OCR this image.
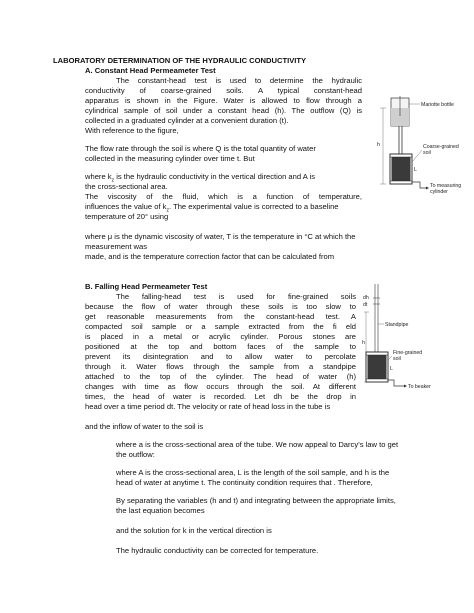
LABORATORY DETERMINATION OF THE HYDRAULIC CONDUCTIVITY
A. Constant Head Permeameter Test
The constant-head test is used to determine the hydraulic
conductivity of coarse-grained soils. A typical constant-head
apparatus is shown in the Figure. Water is allowed to flow through a
cylindrical sample of soil under a constant head (h). The outflow (Q) is
collected in a graduated cylinder at a convenient duration (t).
With reference to the figure,
The flow rate through the soil is where Q is the total quantity of water
collected in the measuring cylinder over time t. But
where $k_z$ is the hydraulic conductivity in the vertical direction and A is
the cross-sectional area.
The viscosity of the fluid, which is a function of temperature,
influences the value of $k_z$. The experimental value is corrected to a baseline
temperature of 20° using
where μ is the dynamic viscosity of water, T is the temperature in °C at which the
measurement was
made, and is the temperature correction factor that can be calculated from
h
L
Mariotte bottle
Coarse-grained
soil
To measuring
cylinder
B. Falling Head Permeameter Test
The falling-head test is used for fine-grained soils
because the flow of water through these soils is too slow to
get reasonable measurements from the constant-head test. A
compacted soil sample or a sample extracted from the fi eld
is placed in a metal or acrylic cylinder. Porous stones are
positioned at the top and bottom faces of the sample to
prevent its disintegration and to allow water to percolate
through it. Water flows through the sample from a standpipe
attached to the top of the cylinder. The head of water (h)
changes with time as flow occurs through the soil. At different
times, the head of water is recorded. Let dh be the drop in
head over a time period dt. The velocity or rate of head loss in the tube is
and the inflow of water to the soil is
where a is the cross-sectional area of the tube. We now appeal to Darcy’s law to get
the outflow:
where A is the cross-sectional area, L is the length of the soil sample, and h is the
head of water at anytime t. The continuity condition requires that . Therefore,
By separating the variables (h and t) and integrating between the appropriate limits,
the last equation becomes
and the solution for k in the vertical direction is
The hydraulic conductivity can be corrected for temperature.
dh
dt
h
L
Standpipe
Fine-grained
soil
To beaker
